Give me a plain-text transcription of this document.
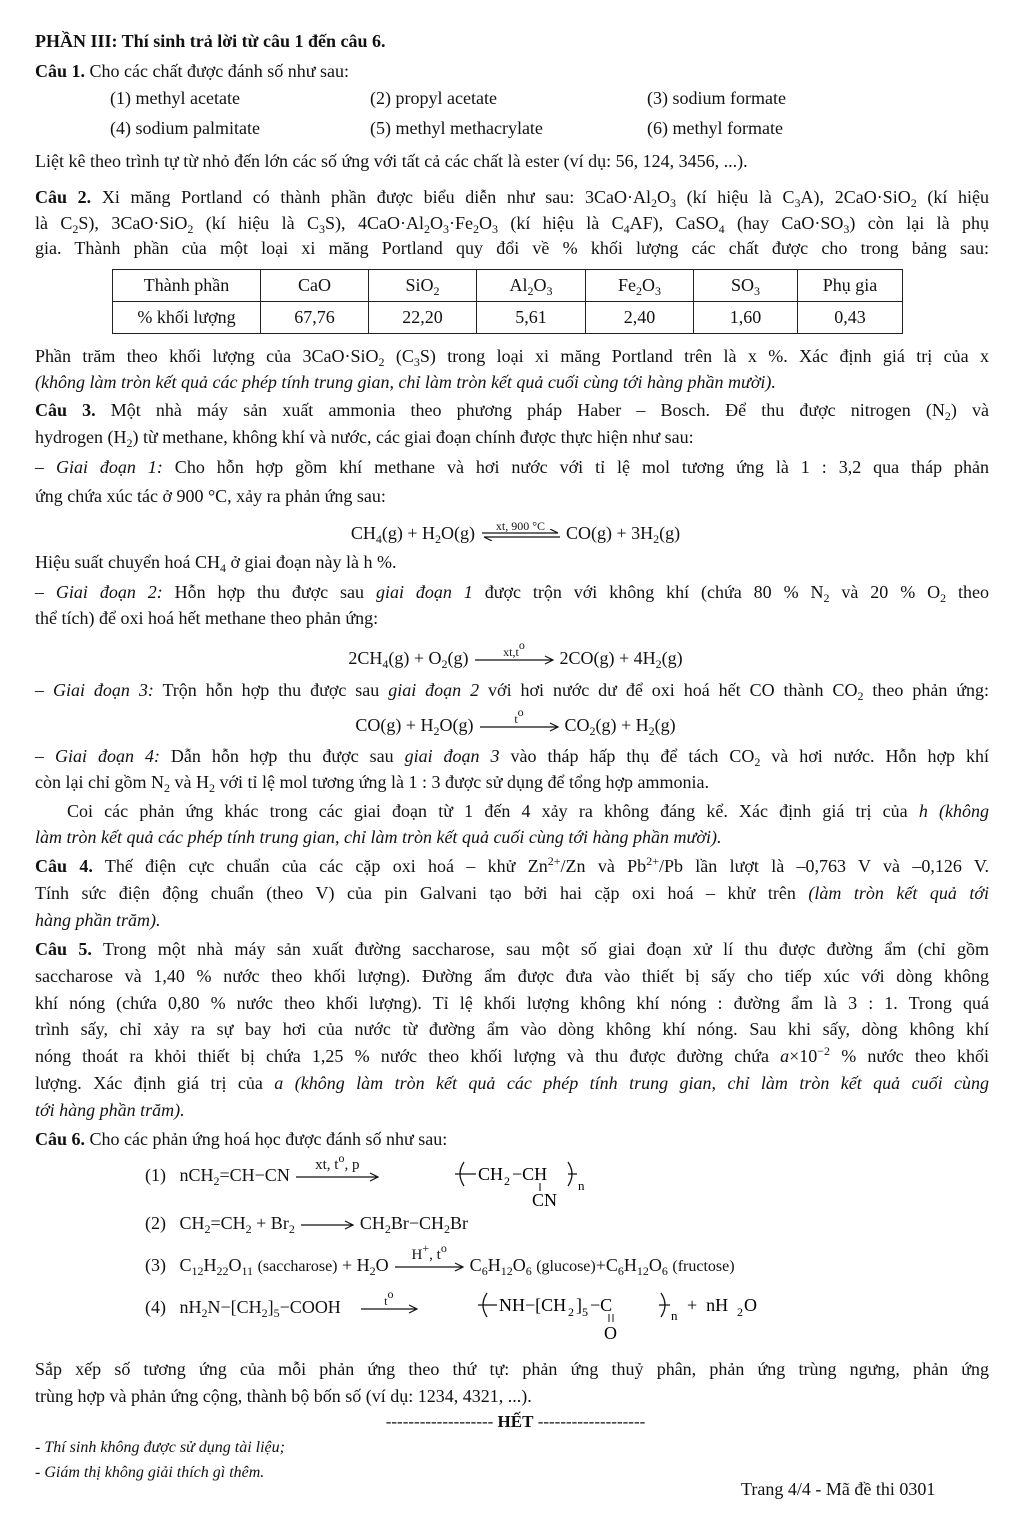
PHẦN III: Thí sinh trả lời từ câu 1 đến câu 6.
Câu 1. Cho các chất được đánh số như sau:
(1) methyl acetate	(2) propyl acetate	(3) sodium formate
(4) sodium palmitate	(5) methyl methacrylate	(6) methyl formate
Liệt kê theo trình tự từ nhỏ đến lớn các số ứng với tất cả các chất là ester (ví dụ: 56, 124, 3456, ...).
Câu 2. Xi măng Portland có thành phần được biểu diễn như sau: $3CaO\cdot Al_2O_3$ (kí hiệu là $C_3A$), 2CaO·SiO$_2$ (kí hiệu
là $C_2S$), 3CaO·SiO$_2$ (kí hiệu là $C_3S$), $4CaO\cdot Al_2O_3\cdot Fe_2O_3$ (kí hiệu là $C_4AF$), CaSO$_4$ (hay $CaO\cdot SO_3$) còn lại là phụ
gia. Thành phần của một loại xi măng Portland quy đổi về % khối lượng các chất được cho trong bảng sau:
Thành phần	CaO	SiO$_2$	$Al_2O_3$	$Fe_2O_3$	$SO_3$	Phụ gia
% khối lượng	67,76	22,20	5,61	2,40	1,60	0,43
Phần trăm theo khối lượng của 3CaO·SiO$_2$ $(C_3S)$ trong loại xi măng Portland trên là x %. Xác định giá trị của x
(không làm tròn kết quả các phép tính trung gian, chỉ làm tròn kết quả cuối cùng tới hàng phần mười).
Câu 3. Một nhà máy sản xuất ammonia theo phương pháp Haber – Bosch. Để thu được nitrogen $(N_2)$ và
hydrogen $(H_2)$ từ methane, không khí và nước, các giai đoạn chính được thực hiện như sau:
– Giai đoạn 1: Cho hỗn hợp gồm khí methane và hơi nước với tỉ lệ mol tương ứng là 1 : 3,2 qua tháp phản
ứng chứa xúc tác ở 900 °C, xảy ra phản ứng sau:
$CH_4(g) + H_2O(g)$	xt, 900 °C $CO(g) + 3H_2(g)$
Hiệu suất chuyển hoá $CH_4$ ở giai đoạn này là h %.
– Giai đoạn 2: Hỗn hợp thu được sau giai đoạn 1 được trộn với không khí (chứa 80 % $N_2$ và 20 % $O_2$ theo
thể tích) để oxi hoá hết methane theo phản ứng:
$2CH_4(g) + O_2(g)$	$xt,t^o$
$2CO(g) + 4H_2(g)$
– Giai đoạn 3: Trộn hỗn hợp thu được sau giai đoạn 2 với hơi nước dư để oxi hoá hết CO thành $CO_2$ theo phản ứng:
$CO(g) + H_2O(g)$	$t^o$
$CO_2(g) + H_2(g)$
– Giai đoạn 4: Dẫn hỗn hợp thu được sau giai đoạn 3 vào tháp hấp thụ để tách $CO_2$ và hơi nước. Hỗn hợp khí
còn lại chỉ gồm $N_2$ và $H_2$ với tỉ lệ mol tương ứng là 1 : 3 được sử dụng để tổng hợp ammonia.
Coi các phản ứng khác trong các giai đoạn từ 1 đến 4 xảy ra không đáng kể. Xác định giá trị của h (không
làm tròn kết quả các phép tính trung gian, chỉ làm tròn kết quả cuối cùng tới hàng phần mười).
Câu 4. Thế điện cực chuẩn của các cặp oxi hoá – khử $Zn^{2+}/Zn$ và $Pb^{2+}/Pb$ lần lượt là –0,763 V và –0,126 V.
Tính sức điện động chuẩn (theo V) của pin Galvani tạo bởi hai cặp oxi hoá – khử trên (làm tròn kết quả tới
hàng phần trăm).
Câu 5. Trong một nhà máy sản xuất đường saccharose, sau một số giai đoạn xử lí thu được đường ẩm (chỉ gồm
saccharose và 1,40 % nước theo khối lượng). Đường ẩm được đưa vào thiết bị sấy cho tiếp xúc với dòng không
khí nóng (chứa 0,80 % nước theo khối lượng). Tỉ lệ khối lượng không khí nóng : đường ẩm là 3 : 1. Trong quá
trình sấy, chỉ xảy ra sự bay hơi của nước từ đường ẩm vào dòng không khí nóng. Sau khi sấy, dòng không khí
nóng thoát ra khỏi thiết bị chứa 1,25 % nước theo khối lượng và thu được đường chứa $a\times 10^{-2}$ % nước theo khối
lượng. Xác định giá trị của a (không làm tròn kết quả các phép tính trung gian, chỉ làm tròn kết quả cuối cùng
tới hàng phần trăm).
Câu 6. Cho các phản ứng hoá học được đánh số như sau:
(1)   nCH$_2$=CH−CN
xt, $t^o$, p	CH 2 −CH
CN
n
(2)   $CH_2=CH_2 + Br_2 \to CH_2Br-CH_2Br$
(3)   $C_{12}H_{22}O_{11}$ (saccharose) + $H_2O$
H+, $t^o$
$C_6H_{12}O_6$ $(glucose)+C_6H_{12}O_6$ (fructose)
(4)   $nH_2N-[CH_2]_5-COOH$	$t^o$
NH−[CH 2 ] 5 −C
O
n
+  nH 2 O
Sắp xếp số tương ứng của mỗi phản ứng theo thứ tự: phản ứng thuỷ phân, phản ứng trùng ngưng, phản ứng
trùng hợp và phản ứng cộng, thành bộ bốn số (ví dụ: 1234, 4321, ...).
------------------- HẾT -------------------
- Thí sinh không được sử dụng tài liệu;
- Giám thị không giải thích gì thêm.
Trang 4/4 - Mã đề thi 0301
